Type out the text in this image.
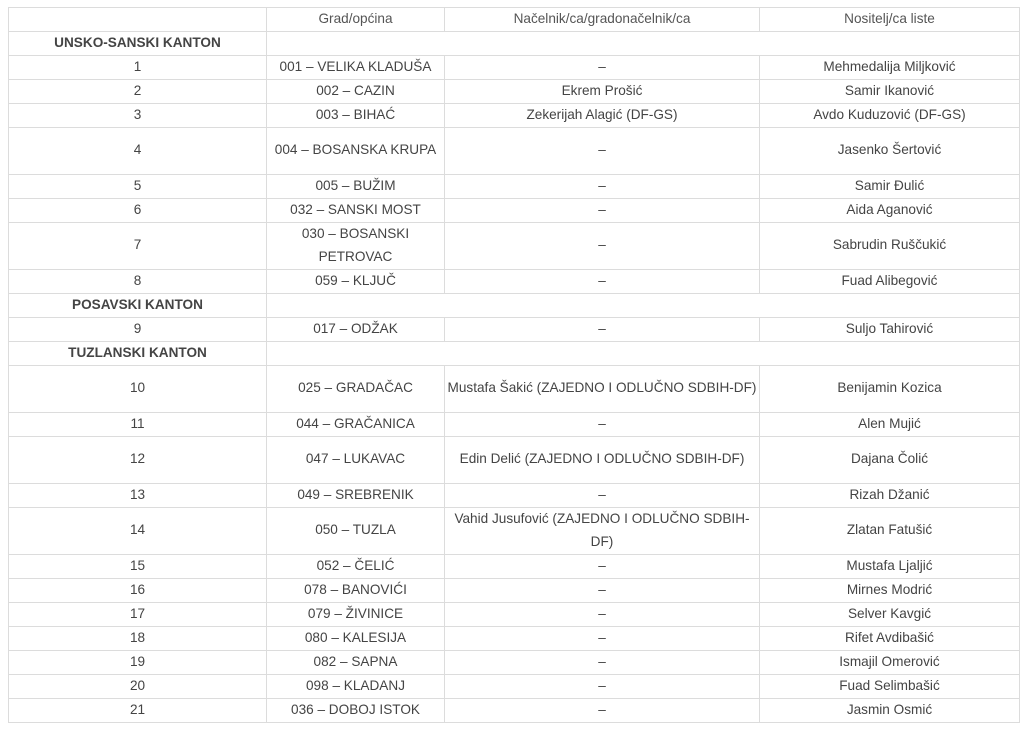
	Grad/općina	Načelnik/ca/gradonačelnik/ca	Nositelj/ca liste
UNSKO-SANSKI KANTON			
1	001 – VELIKA KLADUŠA	–	Mehmedalija Miljković
2	002 – CAZIN	Ekrem Prošić	Samir Ikanović
3	003 – BIHAĆ	Zekerijah Alagić (DF-GS)	Avdo Kuduzović (DF-GS)
4	004 – BOSANSKA KRUPA	–	Jasenko Šertović
5	005 – BUŽIM	–	Samir Đulić
6	032 – SANSKI MOST	–	Aida Aganović
7	030 – BOSANSKI PETROVAC	–	Sabrudin Ruščukić
8	059 – KLJUČ	–	Fuad Alibegović
POSAVSKI KANTON			
9	017 – ODŽAK	–	Suljo Tahirović
TUZLANSKI KANTON			
10	025 – GRADAČAC	Mustafa Šakić (ZAJEDNO I ODLUČNO SDBIH-DF)	Benijamin Kozica
11	044 – GRAČANICA	–	Alen Mujić
12	047 – LUKAVAC	Edin Delić (ZAJEDNO I ODLUČNO SDBIH-DF)	Dajana Čolić
13	049 – SREBRENIK	–	Rizah Džanić
14	050 – TUZLA	Vahid Jusufović (ZAJEDNO I ODLUČNO SDBIH-DF)	Zlatan Fatušić
15	052 – ČELIĆ	–	Mustafa Ljaljić
16	078 – BANOVIĆI	–	Mirnes Modrić
17	079 – ŽIVINICE	–	Selver Kavgić
18	080 – KALESIJA	–	Rifet Avdibašić
19	082 – SAPNA	–	Ismajil Omerović
20	098 – KLADANJ	–	Fuad Selimbašić
21	036 – DOBOJ ISTOK	–	Jasmin Osmić
